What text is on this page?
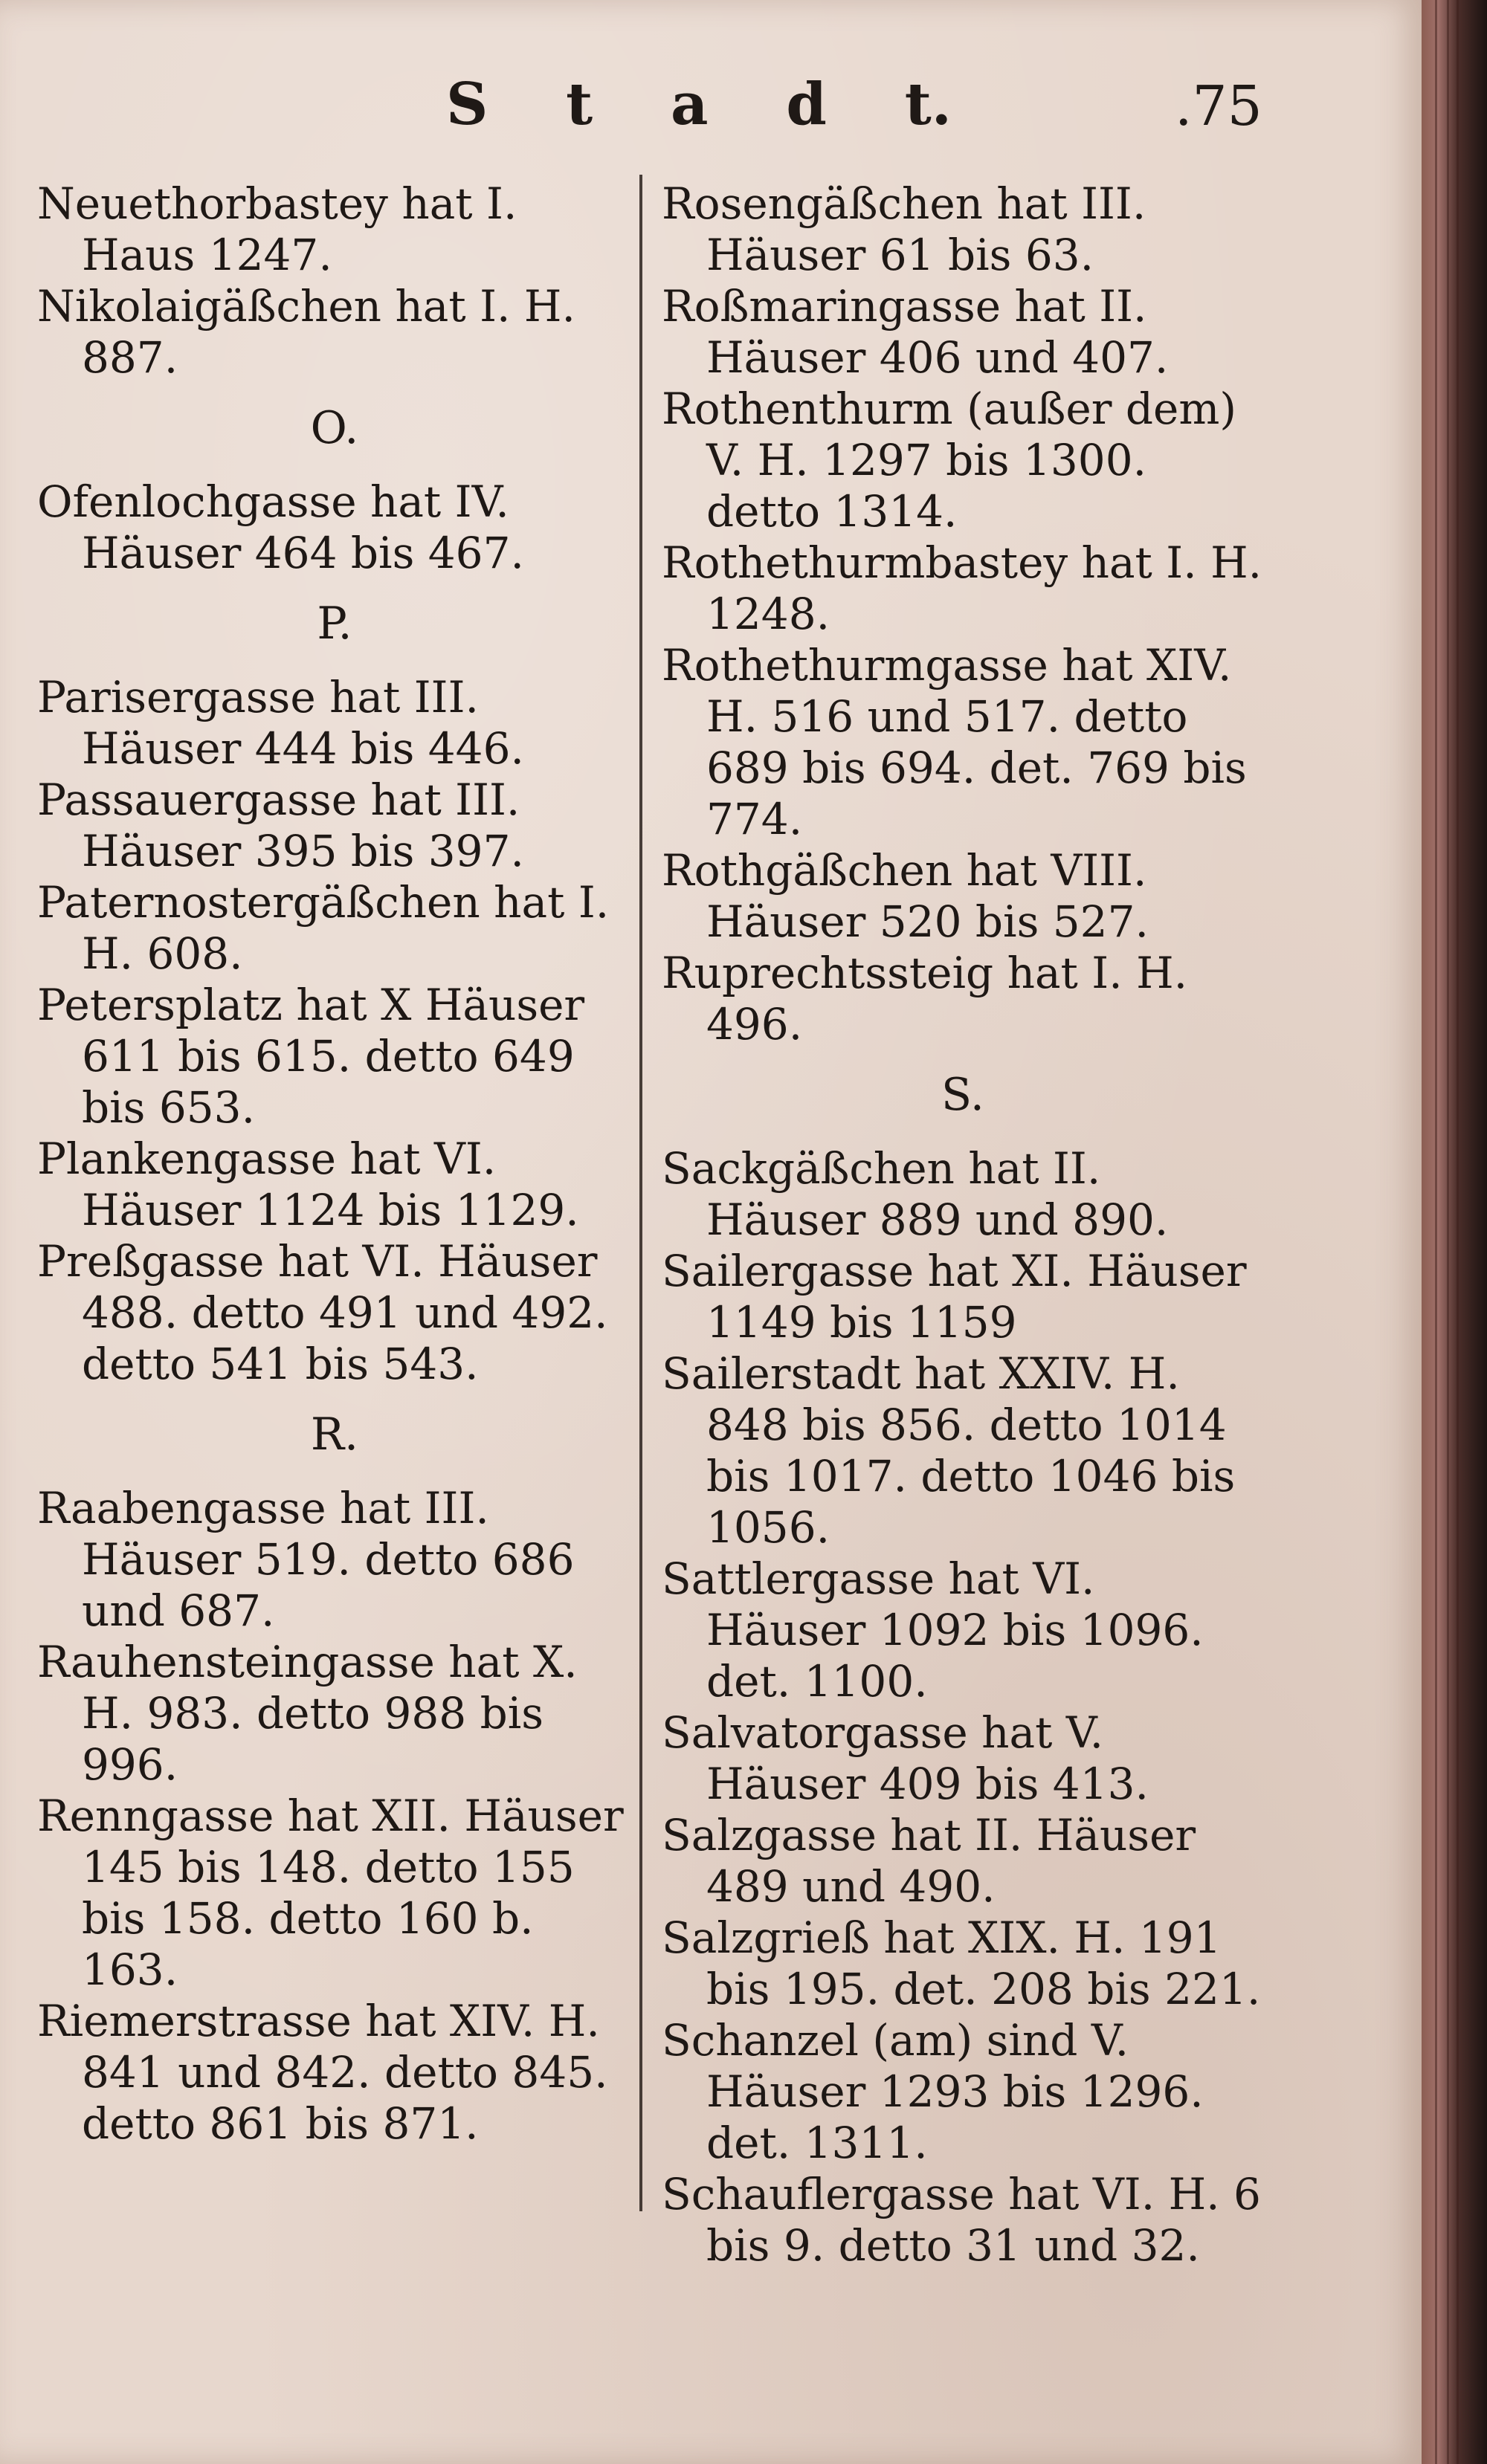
S t a d t.	.75

Neuethorbastey hat I. Haus 1247.

Nikolaigäßchen hat I. H. 887.

O.

Ofenlochgasse hat IV. Häuser 464 bis 467.

P.

Parisergasse hat III. Häuser 444 bis 446.

Passauergasse hat III. Häuser 395 bis 397.

Paternostergäßchen hat I. H. 608.

Petersplatz hat X Häuser 611 bis 615. detto 649 bis 653.

Plankengasse hat VI. Häuser 1124 bis 1129.

Preßgasse hat VI. Häuser 488. detto 491 und 492. detto 541 bis 543.

R.

Raabengasse hat III. Häuser 519. detto 686 und 687.

Rauhensteingasse hat X. H. 983. detto 988 bis 996.

Renngasse hat XII. Häuser 145 bis 148. detto 155 bis 158. detto 160 b. 163.

Riemerstrasse hat XIV. H. 841 und 842. detto 845. detto 861 bis 871.

Rosengäßchen hat III. Häuser 61 bis 63.

Roßmaringasse hat II. Häuser 406 und 407.

Rothenthurm (außer dem) V. H. 1297 bis 1300. detto 1314.

Rothethurmbastey hat I. H. 1248.

Rothethurmgasse hat XIV. H. 516 und 517. detto 689 bis 694. det. 769 bis 774.

Rothgäßchen hat VIII. Häuser 520 bis 527.

Ruprechtssteig hat I. H. 496.

S.

Sackgäßchen hat II. Häuser 889 und 890.

Sailergasse hat XI. Häuser 1149 bis 1159

Sailerstadt hat XXIV. H. 848 bis 856. detto 1014 bis 1017. detto 1046 bis 1056.

Sattlergasse hat VI. Häuser 1092 bis 1096. det. 1100.

Salvatorgasse hat V. Häuser 409 bis 413.

Salzgasse hat II. Häuser 489 und 490.

Salzgrieß hat XIX. H. 191 bis 195. det. 208 bis 221.

Schanzel (am) sind V. Häuser 1293 bis 1296. det. 1311.

Schauflergasse hat VI. H. 6 bis 9. detto 31 und 32.
